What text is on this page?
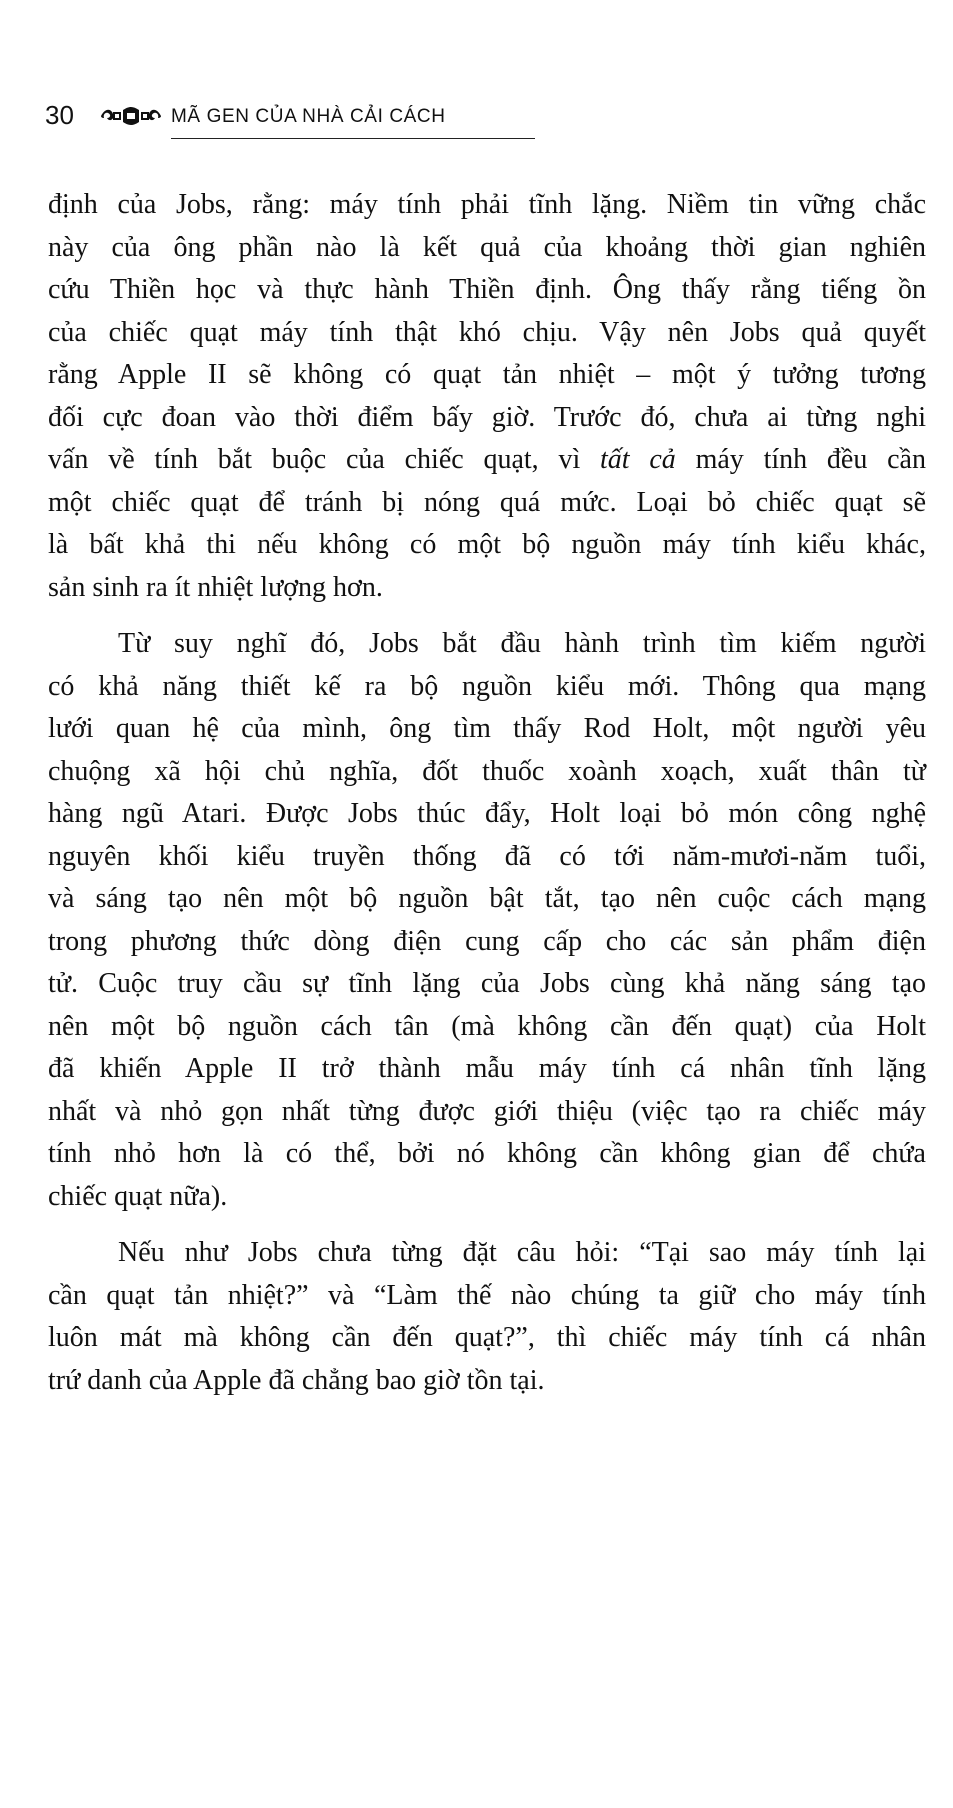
30	MÃ GEN CỦA NHÀ CẢI CÁCH

định của Jobs, rằng: máy tính phải tĩnh lặng. Niềm tin vững chắc
này của ông phần nào là kết quả của khoảng thời gian nghiên
cứu Thiền học và thực hành Thiền định. Ông thấy rằng tiếng ồn
của chiếc quạt máy tính thật khó chịu. Vậy nên Jobs quả quyết
rằng Apple II sẽ không có quạt tản nhiệt – một ý tưởng tương
đối cực đoan vào thời điểm bấy giờ. Trước đó, chưa ai từng nghi
vấn về tính bắt buộc của chiếc quạt, vì tất cả máy tính đều cần
một chiếc quạt để tránh bị nóng quá mức. Loại bỏ chiếc quạt sẽ
là bất khả thi nếu không có một bộ nguồn máy tính kiểu khác,
sản sinh ra ít nhiệt lượng hơn.

Từ suy nghĩ đó, Jobs bắt đầu hành trình tìm kiếm người
có khả năng thiết kế ra bộ nguồn kiểu mới. Thông qua mạng
lưới quan hệ của mình, ông tìm thấy Rod Holt, một người yêu
chuộng xã hội chủ nghĩa, đốt thuốc xoành xoạch, xuất thân từ
hàng ngũ Atari. Được Jobs thúc đẩy, Holt loại bỏ món công nghệ
nguyên khối kiểu truyền thống đã có tới năm-mươi-năm tuổi,
và sáng tạo nên một bộ nguồn bật tắt, tạo nên cuộc cách mạng
trong phương thức dòng điện cung cấp cho các sản phẩm điện
tử. Cuộc truy cầu sự tĩnh lặng của Jobs cùng khả năng sáng tạo
nên một bộ nguồn cách tân (mà không cần đến quạt) của Holt
đã khiến Apple II trở thành mẫu máy tính cá nhân tĩnh lặng
nhất và nhỏ gọn nhất từng được giới thiệu (việc tạo ra chiếc máy
tính nhỏ hơn là có thể, bởi nó không cần không gian để chứa
chiếc quạt nữa).

Nếu như Jobs chưa từng đặt câu hỏi: “Tại sao máy tính lại
cần quạt tản nhiệt?” và “Làm thế nào chúng ta giữ cho máy tính
luôn mát mà không cần đến quạt?”, thì chiếc máy tính cá nhân
trứ danh của Apple đã chẳng bao giờ tồn tại.
